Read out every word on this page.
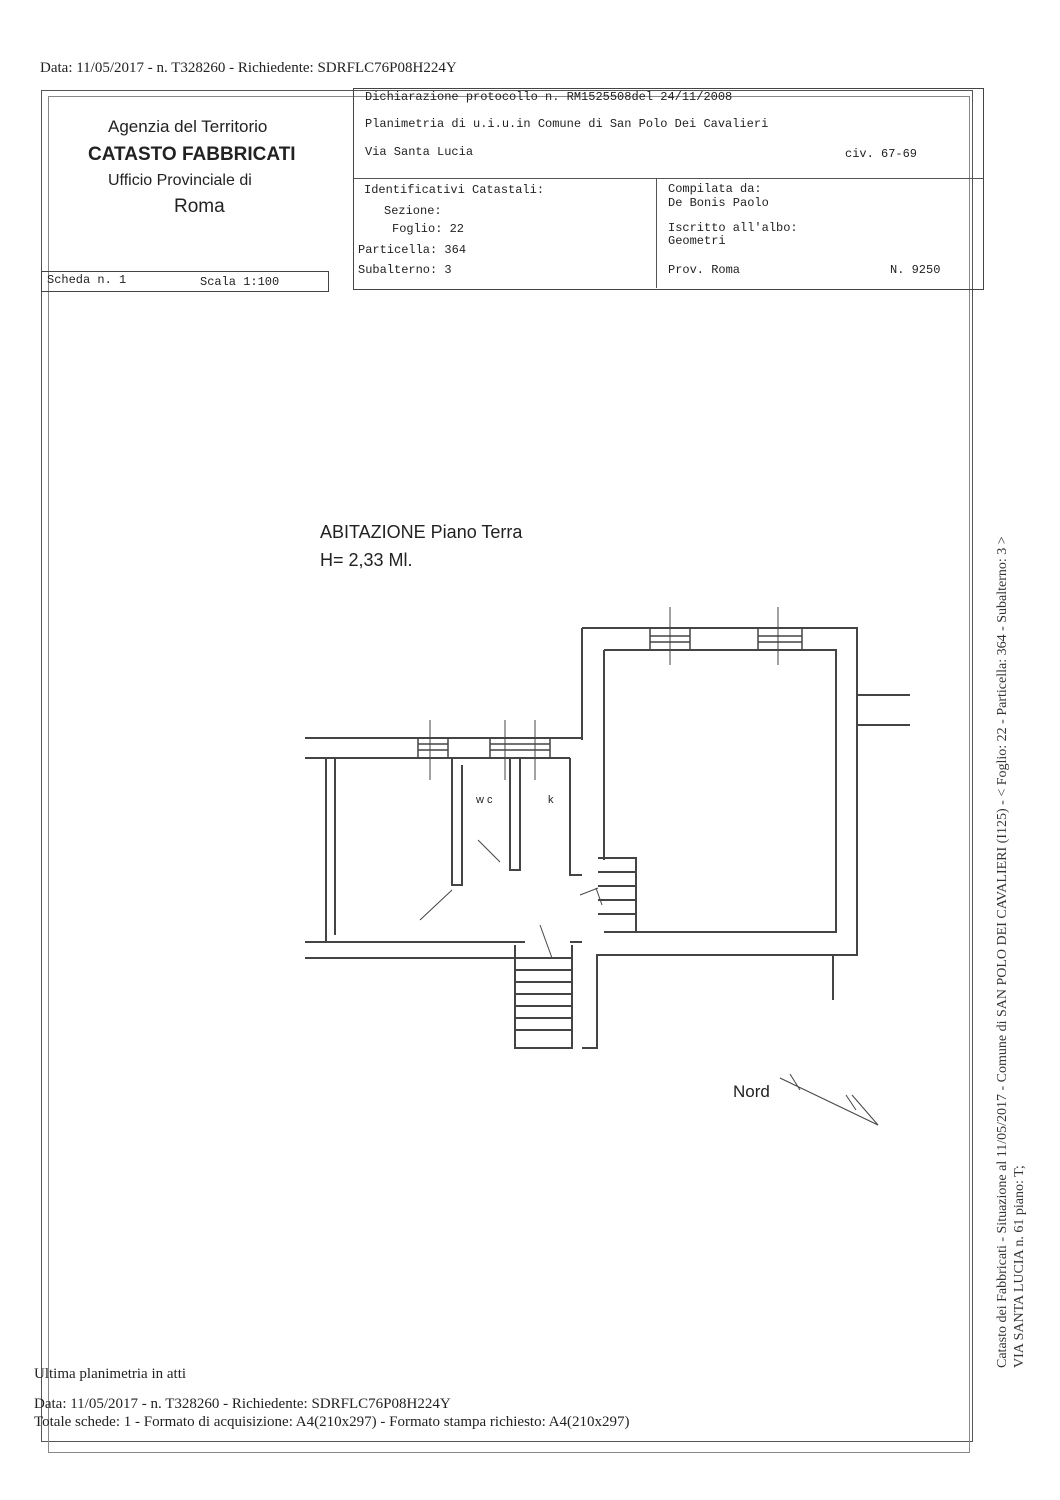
Data: 11/05/2017 - n. T328260 - Richiedente: SDRFLC76P08H224Y
Agenzia del Territorio
CATASTO FABBRICATI
Ufficio Provinciale di
Roma
Dichiarazione protocollo n. RM1525508del 24/11/2008
Planimetria di u.i.u.in Comune di San Polo Dei Cavalieri
Via Santa Lucia	civ. 67-69
Identificativi Catastali:
Sezione:
Foglio: 22
Particella: 364
Subalterno: 3
Compilata da:
De Bonis Paolo
Iscritto all'albo:
Geometri
Prov. Roma	N. 9250
Scheda n. 1	Scala 1:100
ABITAZIONE Piano Terra
H= 2,33 Ml.
w c	k
Nord	Catasto dei Fabbricati - Situazione al 11/05/2017 - Comune di SAN POLO DEI CAVALIERI (I125) - < Foglio: 22 - Particella: 364 - Subalterno: 3 > VIA SANTA LUCIA n. 61 piano: T;
Ultima planimetria in atti
Data: 11/05/2017 - n. T328260 - Richiedente: SDRFLC76P08H224Y
Totale schede: 1 - Formato di acquisizione: A4(210x297) - Formato stampa richiesto: A4(210x297)
